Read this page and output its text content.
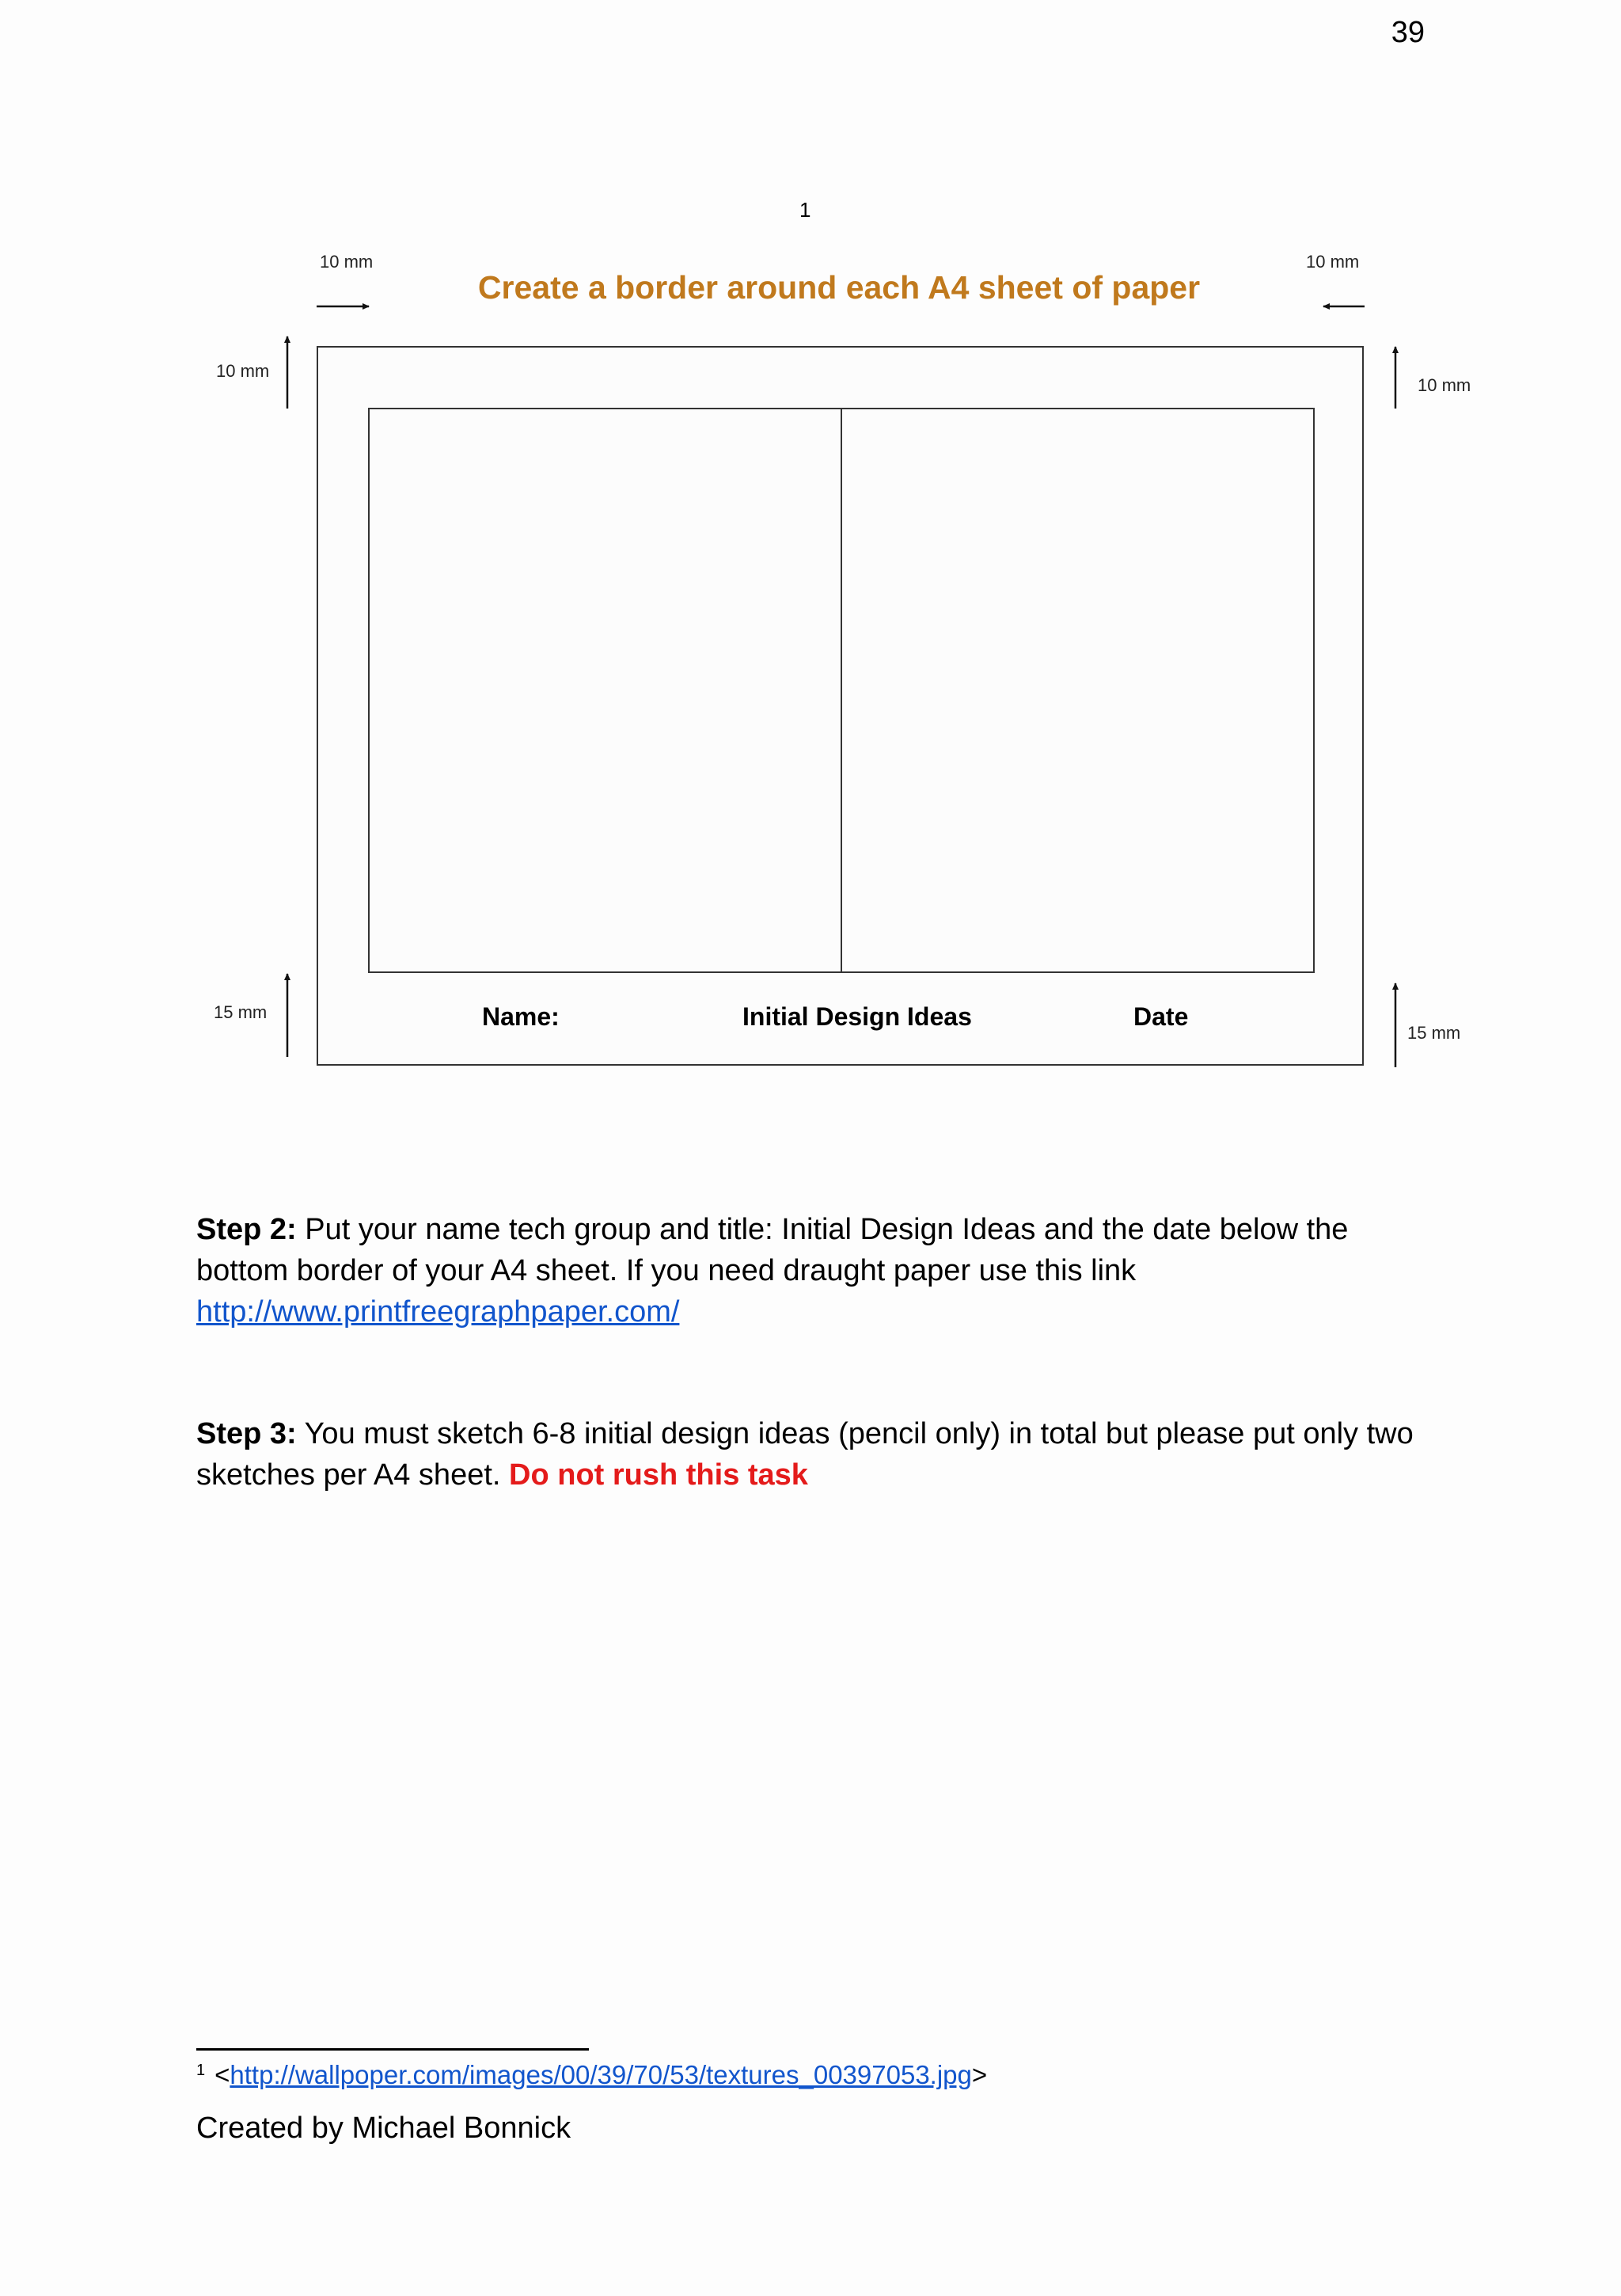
39
1
10 mm	10 mm
10 mm
10 mm
15 mm
15 mm
Create a border around each A4 sheet of paper
Name:	Initial Design Ideas	Date
Step 2: Put your name tech group and title: Initial Design Ideas and the date below the bottom border of your A4 sheet. If you need draught paper use this link
http://www.printfreegraphpaper.com/
Step 3: You must sketch 6-8 initial design ideas (pencil only) in total but please put only two sketches per A4 sheet. Do not rush this task
$^1$ <http://wallpoper.com/images/00/39/70/53/textures_00397053.jpg>
Created by Michael Bonnick
